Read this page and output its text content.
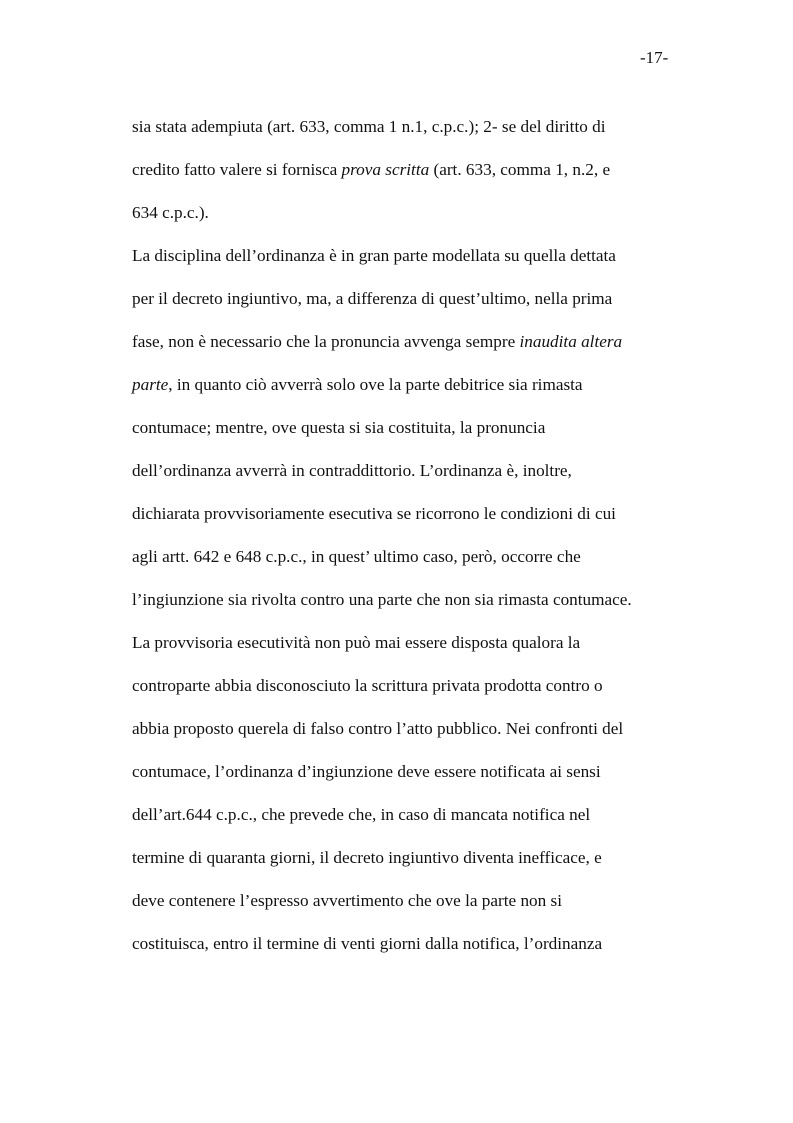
-17-
sia stata adempiuta (art. 633, comma 1 n.1, c.p.c.); 2- se del diritto di
credito fatto valere si fornisca prova scritta (art. 633, comma 1, n.2, e
634 c.p.c.).
La disciplina dell’ordinanza è in gran parte modellata su quella dettata
per il decreto ingiuntivo, ma, a differenza di quest’ultimo, nella prima
fase, non è necessario che la pronuncia avvenga sempre inaudita altera
parte, in quanto ciò avverrà solo ove la parte debitrice sia rimasta
contumace; mentre, ove questa si sia costituita, la pronuncia
dell’ordinanza avverrà in contraddittorio. L’ordinanza è, inoltre,
dichiarata provvisoriamente esecutiva se ricorrono le condizioni di cui
agli artt. 642 e 648 c.p.c., in quest’ ultimo caso, però, occorre che
l’ingiunzione sia rivolta contro una parte che non sia rimasta contumace.
La provvisoria esecutività non può mai essere disposta qualora la
controparte abbia disconosciuto la scrittura privata prodotta contro o
abbia proposto querela di falso contro l’atto pubblico. Nei confronti del
contumace, l’ordinanza d’ingiunzione deve essere notificata ai sensi
dell’art.644 c.p.c., che prevede che, in caso di mancata notifica nel
termine di quaranta giorni, il decreto ingiuntivo diventa inefficace, e
deve contenere l’espresso avvertimento che ove la parte non si
costituisca, entro il termine di venti giorni dalla notifica, l’ordinanza
